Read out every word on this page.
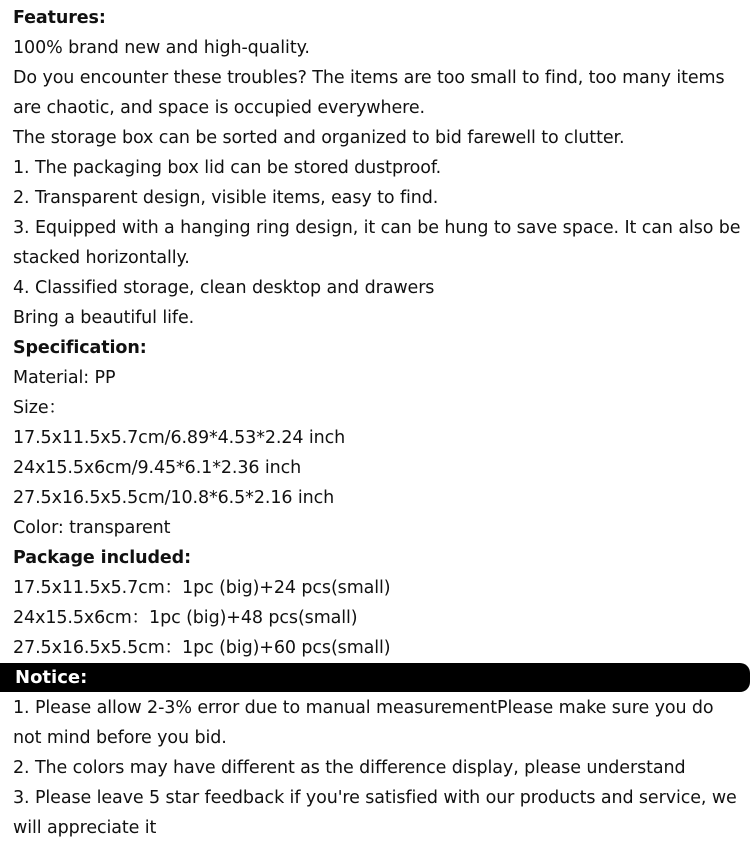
Features:
100% brand new and high-quality.
Do you encounter these troubles? The items are too small to find, too many items
are chaotic, and space is occupied everywhere.
The storage box can be sorted and organized to bid farewell to clutter.
1. The packaging box lid can be stored dustproof.
2. Transparent design, visible items, easy to find.
3. Equipped with a hanging ring design, it can be hung to save space. It can also be
stacked horizontally.
4. Classified storage, clean desktop and drawers
Bring a beautiful life.
Specification:
Material: PP
Size：
17.5x11.5x5.7cm/6.89*4.53*2.24 inch
24x15.5x6cm/9.45*6.1*2.36 inch
27.5x16.5x5.5cm/10.8*6.5*2.16 inch
Color: transparent
Package included:
17.5x11.5x5.7cm：1pc (big)+24 pcs(small)
24x15.5x6cm：1pc (big)+48 pcs(small)
27.5x16.5x5.5cm：1pc (big)+60 pcs(small)
Notice:
1. Please allow 2-3% error due to manual measurementPlease make sure you do
not mind before you bid.
2. The colors may have different as the difference display, please understand
3. Please leave 5 star feedback if you're satisfied with our products and service, we
will appreciate it
